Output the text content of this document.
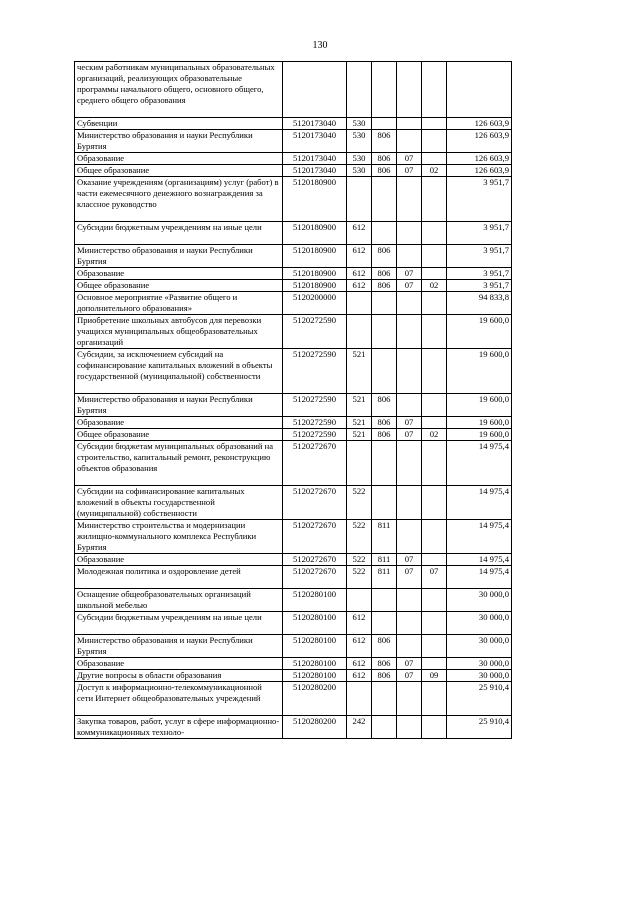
130
ческим работникам муниципальных образовательных организаций, реализующих образовательные программы начального общего, основного общего, среднего общего образования						
Субвенции	5120173040	530				126 603,9
Министерство образования и науки Республики Бурятия	5120173040	530	806			126 603,9
Образование	5120173040	530	806	07		126 603,9
Общее образование	5120173040	530	806	07	02	126 603,9
Оказание учреждениям (организациям) услуг (работ) в части ежемесячного денежного вознаграждения за классное руководство	5120180900					3 951,7
Субсидии бюджетным учреждениям на иные цели	5120180900	612				3 951,7
Министерство образования и науки Республики Бурятия	5120180900	612	806			3 951,7
Образование	5120180900	612	806	07		3 951,7
Общее образование	5120180900	612	806	07	02	3 951,7
Основное мероприятие «Развитие общего и дополнительного образования»	5120200000					94 833,8
Приобретение школьных автобусов для перевозки учащихся муниципальных общеобразовательных организаций	5120272590					19 600,0
Субсидии, за исключением субсидий на софинансирование капитальных вложений в объекты государственной (муниципальной) собственности	5120272590	521				19 600,0
Министерство образования и науки Республики Бурятия	5120272590	521	806			19 600,0
Образование	5120272590	521	806	07		19 600,0
Общее образование	5120272590	521	806	07	02	19 600,0
Субсидии бюджетам муниципальных образований на строительство, капитальный ремонт, реконструкцию объектов образования	5120272670					14 975,4
Субсидии на софинансирование капитальных вложений в объекты государственной (муниципальной) собственности	5120272670	522				14 975,4
Министерство строительства и модернизации жилищно-коммунального комплекса Республики Бурятия	5120272670	522	811			14 975,4
Образование	5120272670	522	811	07		14 975,4
Молодежная политика и оздоровление детей	5120272670	522	811	07	07	14 975,4
Оснащение общеобразовательных организаций школьной мебелью	5120280100					30 000,0
Субсидии бюджетным учреждениям на иные цели	5120280100	612				30 000,0
Министерство образования и науки Республики Бурятия	5120280100	612	806			30 000,0
Образование	5120280100	612	806	07		30 000,0
Другие вопросы в области образования	5120280100	612	806	07	09	30 000,0
Доступ к информационно-телекоммуникационной сети Интернет общеобразовательных учреждений	5120280200					25 910,4
Закупка товаров, работ, услуг в сфере информационно-коммуникационных техноло-	5120280200	242				25 910,4
